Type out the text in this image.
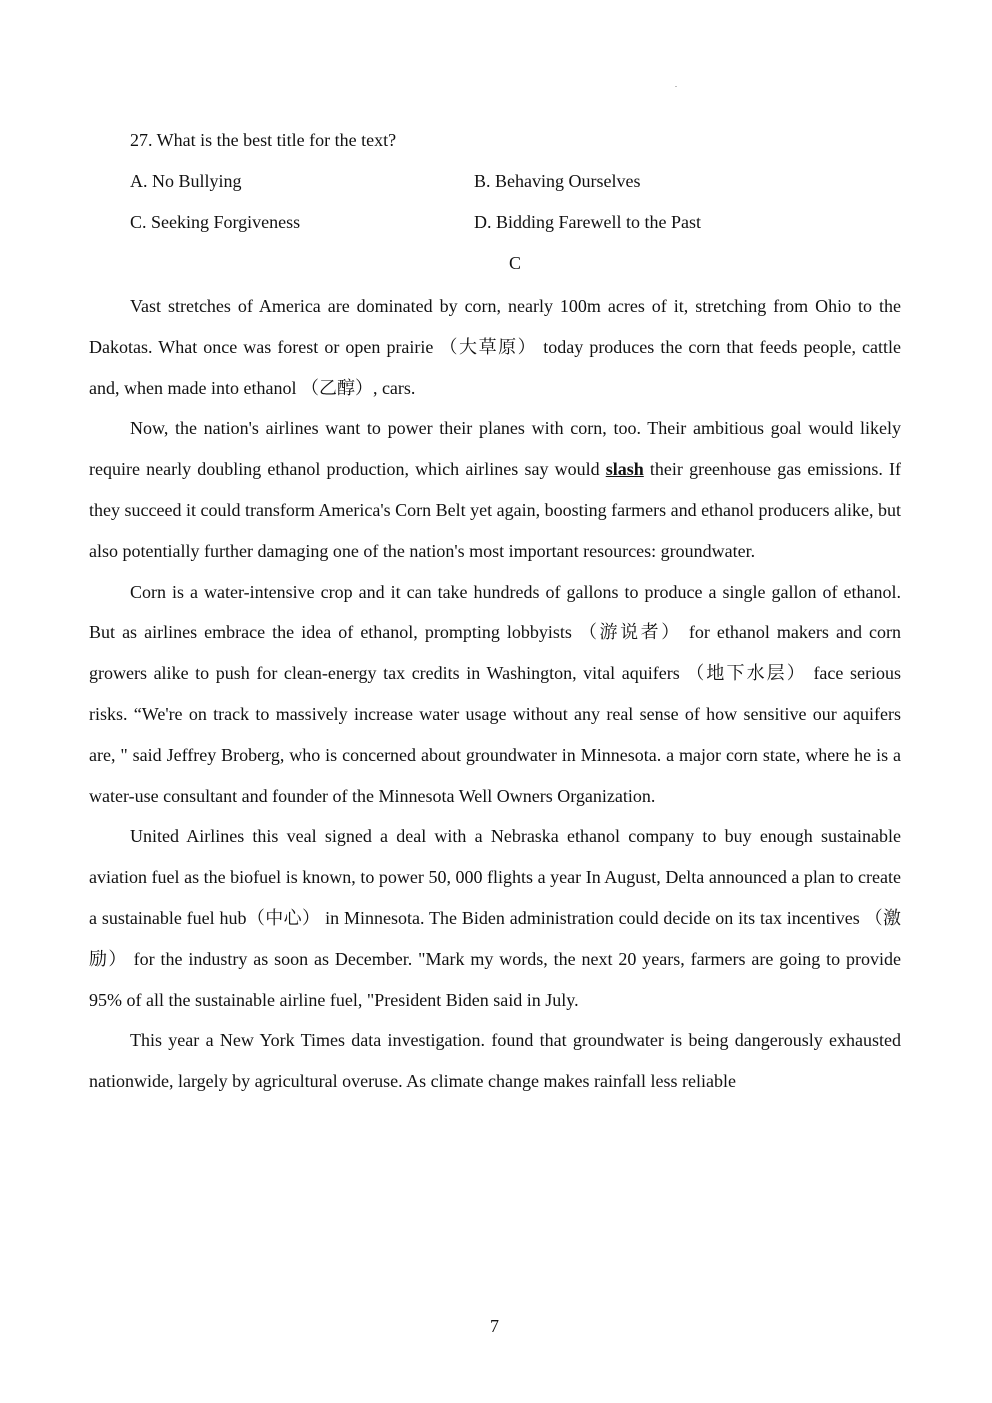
27. What is the best title for the text?
A. No Bullying	B. Behaving Ourselves
C. Seeking Forgiveness	D. Bidding Farewell to the Past
C

Vast stretches of America are dominated by corn, nearly 100m acres of it, stretching from Ohio to the Dakotas. What once was forest or open prairie （大草原） today produces the corn that feeds people, cattle and, when made into ethanol （乙醇）, cars.

Now, the nation's airlines want to power their planes with corn, too. Their ambitious goal would likely require nearly doubling ethanol production, which airlines say would slash their greenhouse gas emissions. If they succeed it could transform America's Corn Belt yet again, boosting farmers and ethanol producers alike, but also potentially further damaging one of the nation's most important resources: groundwater.

Corn is a water-intensive crop and it can take hundreds of gallons to produce a single gallon of ethanol. But as airlines embrace the idea of ethanol, prompting lobbyists （游说者） for ethanol makers and corn growers alike to push for clean-energy tax credits in Washington, vital aquifers （地下水层） face serious risks. “We're on track to massively increase water usage without any real sense of how sensitive our aquifers are, " said Jeffrey Broberg, who is concerned about groundwater in Minnesota. a major corn state, where he is a water-use consultant and founder of the Minnesota Well Owners Organization.

United Airlines this veal signed a deal with a Nebraska ethanol company to buy enough sustainable aviation fuel as the biofuel is known, to power 50, 000 flights a year In August, Delta announced a plan to create a sustainable fuel hub（中心） in Minnesota. The Biden administration could decide on its tax incentives （激励） for the industry as soon as December. "Mark my words, the next 20 years, farmers are going to provide 95% of all the sustainable airline fuel, "President Biden said in July.

This year a New York Times data investigation. found that groundwater is being dangerously exhausted nationwide, largely by agricultural overuse. As climate change makes rainfall less reliable

7
